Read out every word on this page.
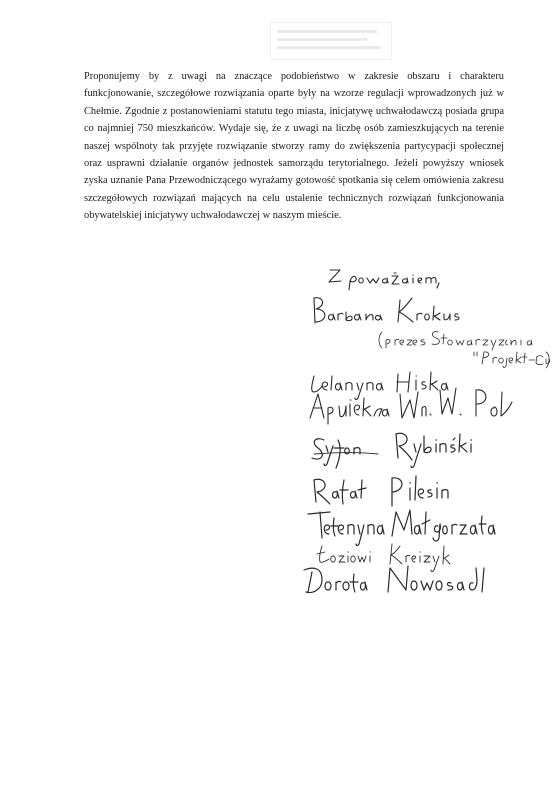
Proponujemy by z uwagi na znaczące podobieństwo w zakresie obszaru i charakteru funkcjonowanie, szczegółowe rozwiązania oparte były na wzorze regulacji wprowadzonych już w Chełmie. Zgodnie z postanowieniami statutu tego miasta, inicjatywę uchwałodawczą posiada grupa co najmniej 750 mieszkańców. Wydaje się, że z uwagi na liczbę osób zamieszkujących na terenie naszej wspólnoty tak przyjęte rozwiązanie stworzy ramy do zwiększenia partycypacji społecznej oraz usprawni działanie organów jednostek samorządu terytorialnego. Jeżeli powyższy wniosek zyska uznanie Pana Przewodniczącego wyrażamy gotowość spotkania się celem omówienia zakresu szczegółowych rozwiązań mających na celu ustalenie technicznych rozwiązań funkcjonowania obywatelskiej inicjatywy uchwałodawczej w naszym mieście.
